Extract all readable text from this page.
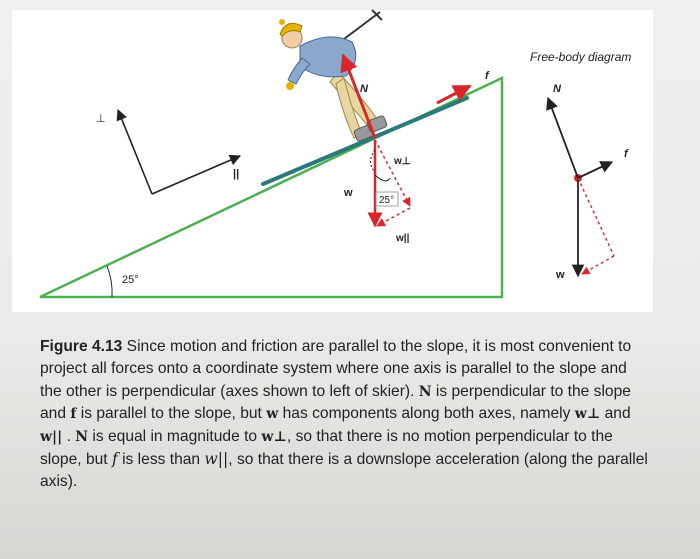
25°
⊥
||
N
f
w
w⊥
w||
25°
N
f
w
Free-body diagram
Figure 4.13 Since motion and friction are parallel to the slope, it is most convenient to project all forces onto a coordinate system where one axis is parallel to the slope and the other is perpendicular (axes shown to left of skier). N is perpendicular to the slope and f is parallel to the slope, but w has components along both axes, namely w⊥ and w|| . N is equal in magnitude to w⊥, so that there is no motion perpendicular to the slope, but f is less than w||, so that there is a downslope acceleration (along the parallel axis).
